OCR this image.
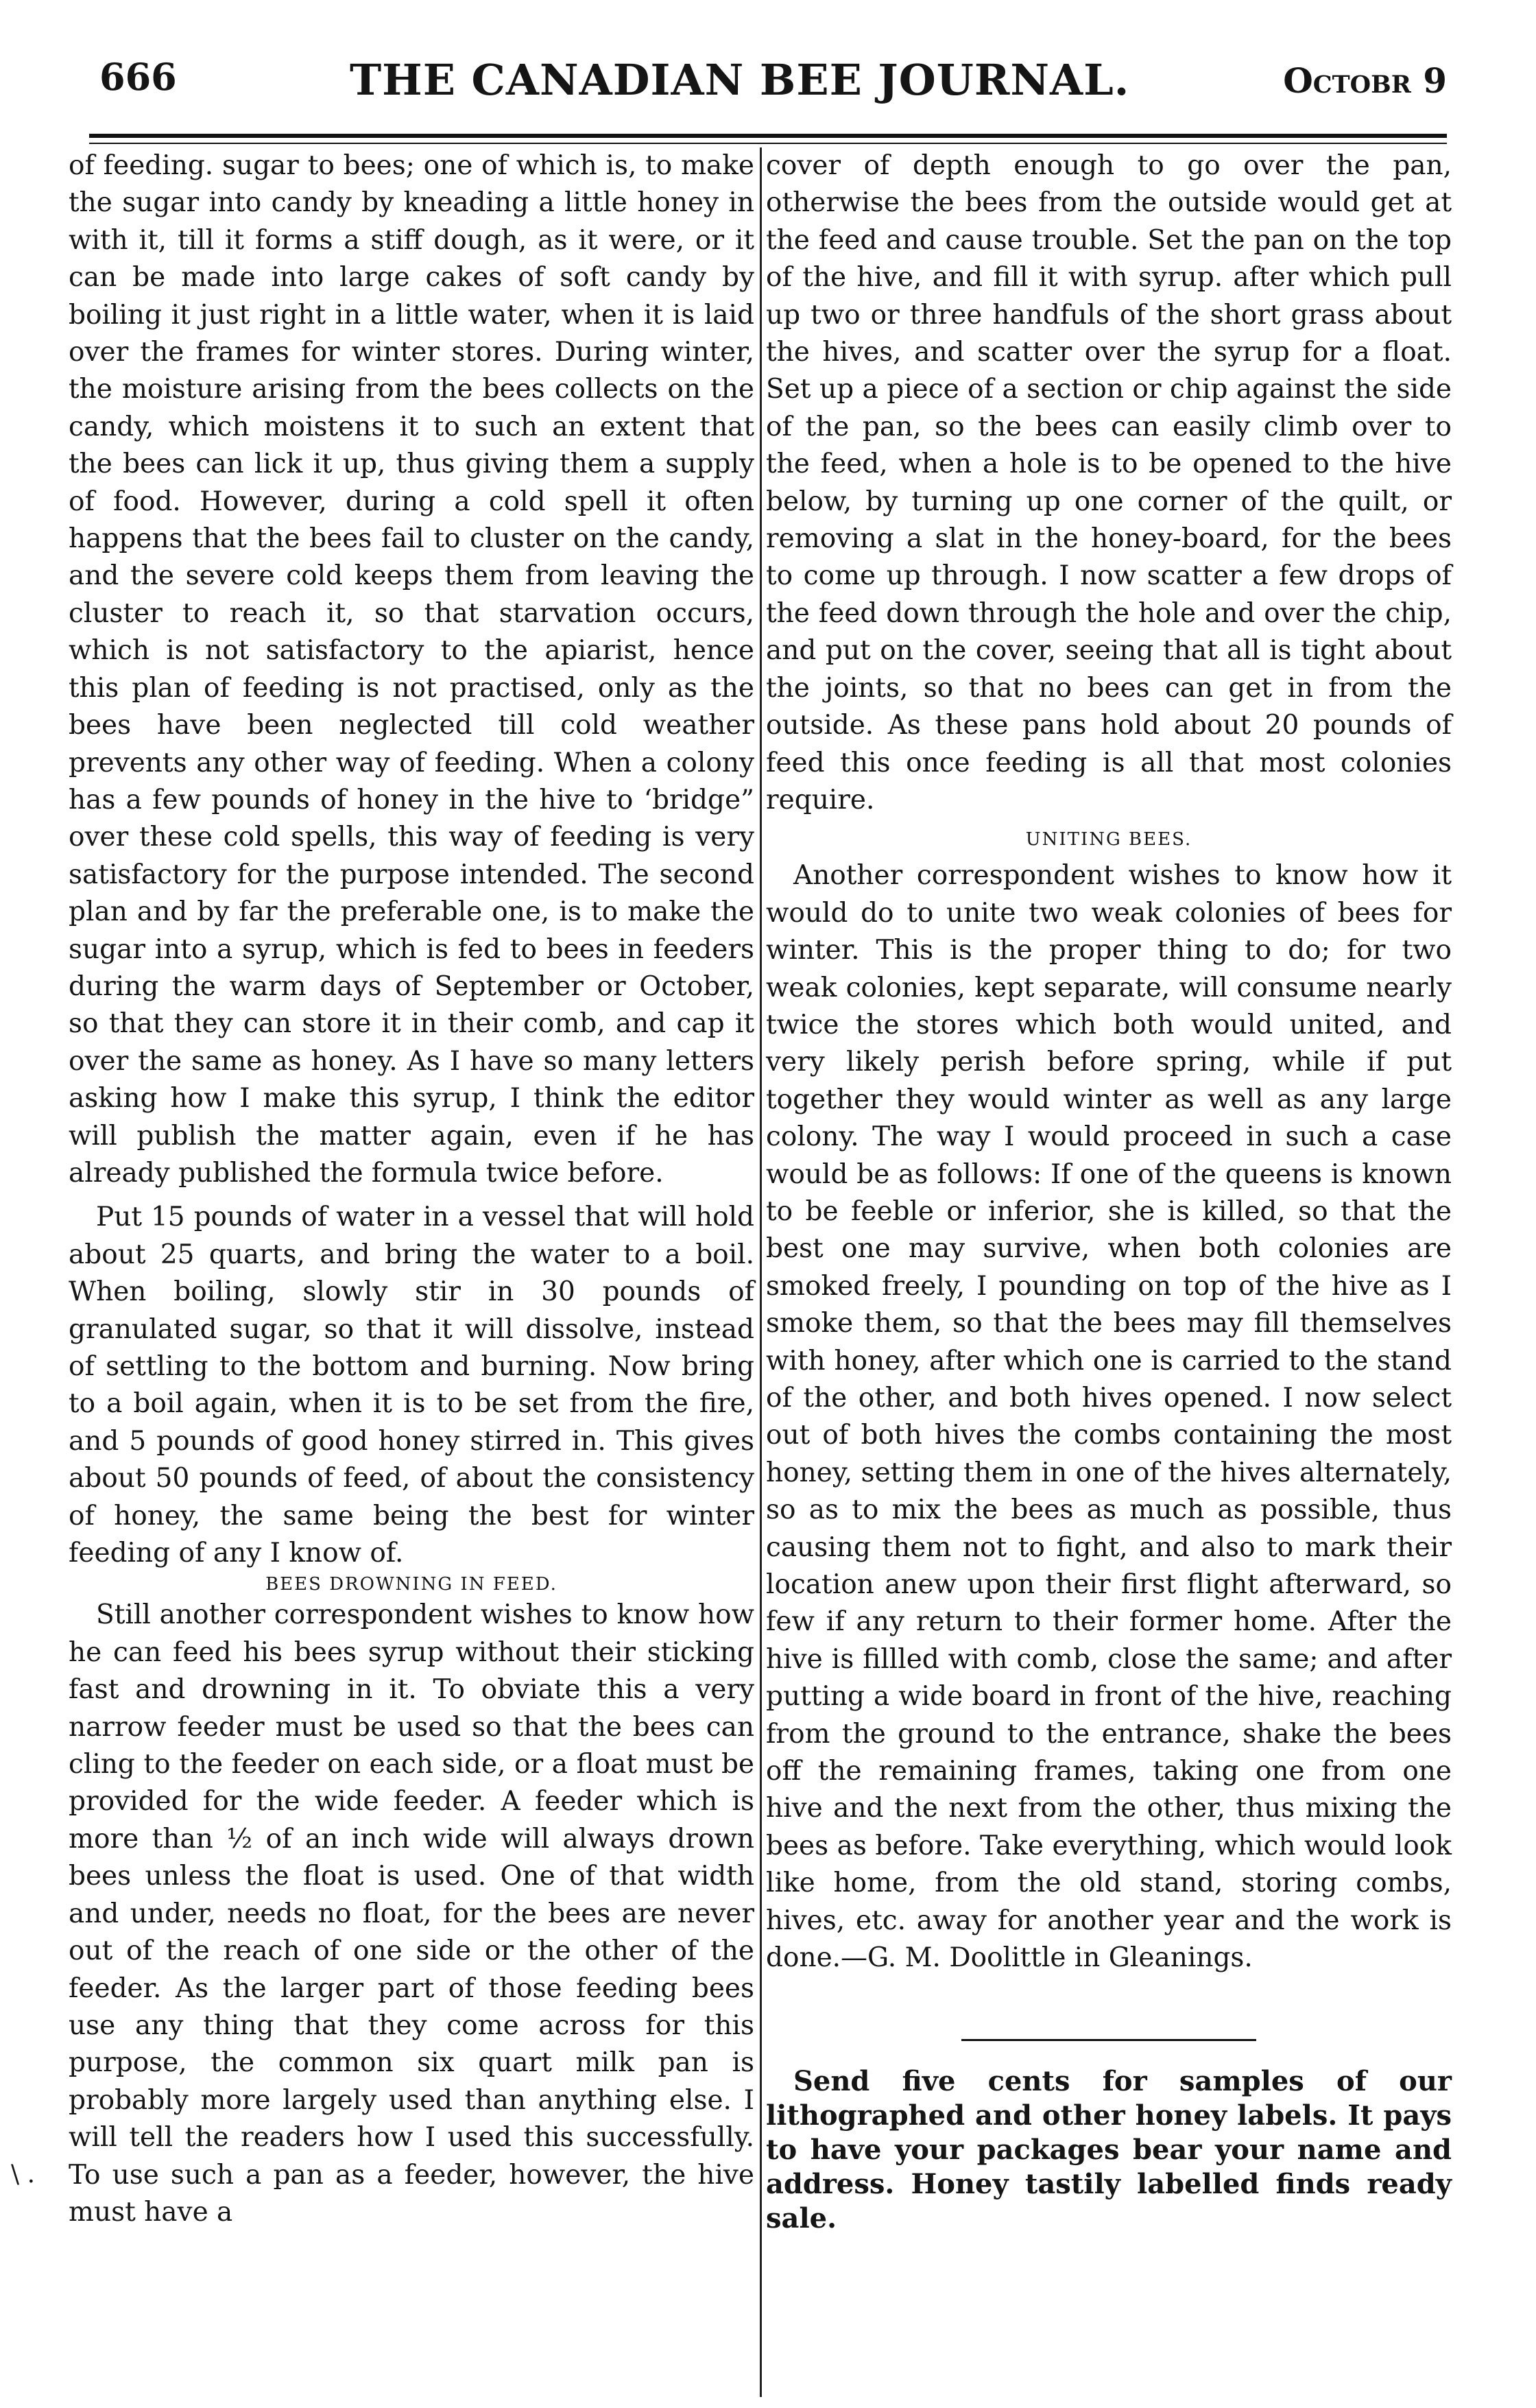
666	THE CANADIAN BEE JOURNAL.	Octobr 9

of feeding. sugar to bees; one of which is, to make the sugar into candy by kneading a little honey in with it, till it forms a stiff dough, as it were, or it can be made into large cakes of soft candy by boiling it just right in a little water, when it is laid over the frames for winter stores. During winter, the moisture arising from the bees collects on the candy, which moistens it to such an extent that the bees can lick it up, thus giving them a supply of food. However, during a cold spell it often happens that the bees fail to cluster on the candy, and the severe cold keeps them from leaving the cluster to reach it, so that starvation occurs, which is not satisfactory to the apiarist, hence this plan of feeding is not practised, only as the bees have been neglected till cold weather prevents any other way of feeding. When a colony has a few pounds of honey in the hive to ‘bridge” over these cold spells, this way of feeding is very satisfactory for the purpose intended. The second plan and by far the preferable one, is to make the sugar into a syrup, which is fed to bees in feeders during the warm days of September or October, so that they can store it in their comb, and cap it over the same as honey. As I have so many letters asking how I make this syrup, I think the editor will publish the matter again, even if he has already published the formula twice before.

Put 15 pounds of water in a vessel that will hold about 25 quarts, and bring the water to a boil. When boiling, slowly stir in 30 pounds of granulated sugar, so that it will dissolve, instead of settling to the bottom and burning. Now bring to a boil again, when it is to be set from the fire, and 5 pounds of good honey stirred in. This gives about 50 pounds of feed, of about the consistency of honey, the same being the best for winter feeding of any I know of.

BEES DROWNING IN FEED.

Still another correspondent wishes to know how he can feed his bees syrup without their sticking fast and drowning in it. To obviate this a very narrow feeder must be used so that the bees can cling to the feeder on each side, or a float must be provided for the wide feeder. A feeder which is more than ½ of an inch wide will always drown bees unless the float is used. One of that width and under, needs no float, for the bees are never out of the reach of one side or the other of the feeder. As the larger part of those feeding bees use any thing that they come across for this purpose, the common six quart milk pan is probably more largely used than anything else. I will tell the readers how I used this successfully. To use such a pan as a feeder, however, the hive must have a

cover of depth enough to go over the pan, otherwise the bees from the outside would get at the feed and cause trouble. Set the pan on the top of the hive, and fill it with syrup. after which pull up two or three handfuls of the short grass about the hives, and scatter over the syrup for a float. Set up a piece of a section or chip against the side of the pan, so the bees can easily climb over to the feed, when a hole is to be opened to the hive below, by turning up one corner of the quilt, or removing a slat in the honey-board, for the bees to come up through. I now scatter a few drops of the feed down through the hole and over the chip, and put on the cover, seeing that all is tight about the joints, so that no bees can get in from the outside. As these pans hold about 20 pounds of feed this once feeding is all that most colonies require.

UNITING BEES.

Another correspondent wishes to know how it would do to unite two weak colonies of bees for winter. This is the proper thing to do; for two weak colonies, kept separate, will consume nearly twice the stores which both would united, and very likely perish before spring, while if put together they would winter as well as any large colony. The way I would proceed in such a case would be as follows: If one of the queens is known to be feeble or inferior, she is killed, so that the best one may survive, when both colonies are smoked freely, I pounding on top of the hive as I smoke them, so that the bees may fill themselves with honey, after which one is carried to the stand of the other, and both hives opened. I now select out of both hives the combs containing the most honey, setting them in one of the hives alternately, so as to mix the bees as much as possible, thus causing them not to fight, and also to mark their location anew upon their first flight afterward, so few if any return to their former home. After the hive is fillled with comb, close the same; and after putting a wide board in front of the hive, reaching from the ground to the entrance, shake the bees off the remaining frames, taking one from one hive and the next from the other, thus mixing the bees as before. Take everything, which would look like home, from the old stand, storing combs, hives, etc. away for another year and the work is done.—G. M. Doolittle in Gleanings.

Send five cents for samples of our lithographed and other honey labels. It pays to have your packages bear your name and address. Honey tastily labelled finds ready sale.

\ .
